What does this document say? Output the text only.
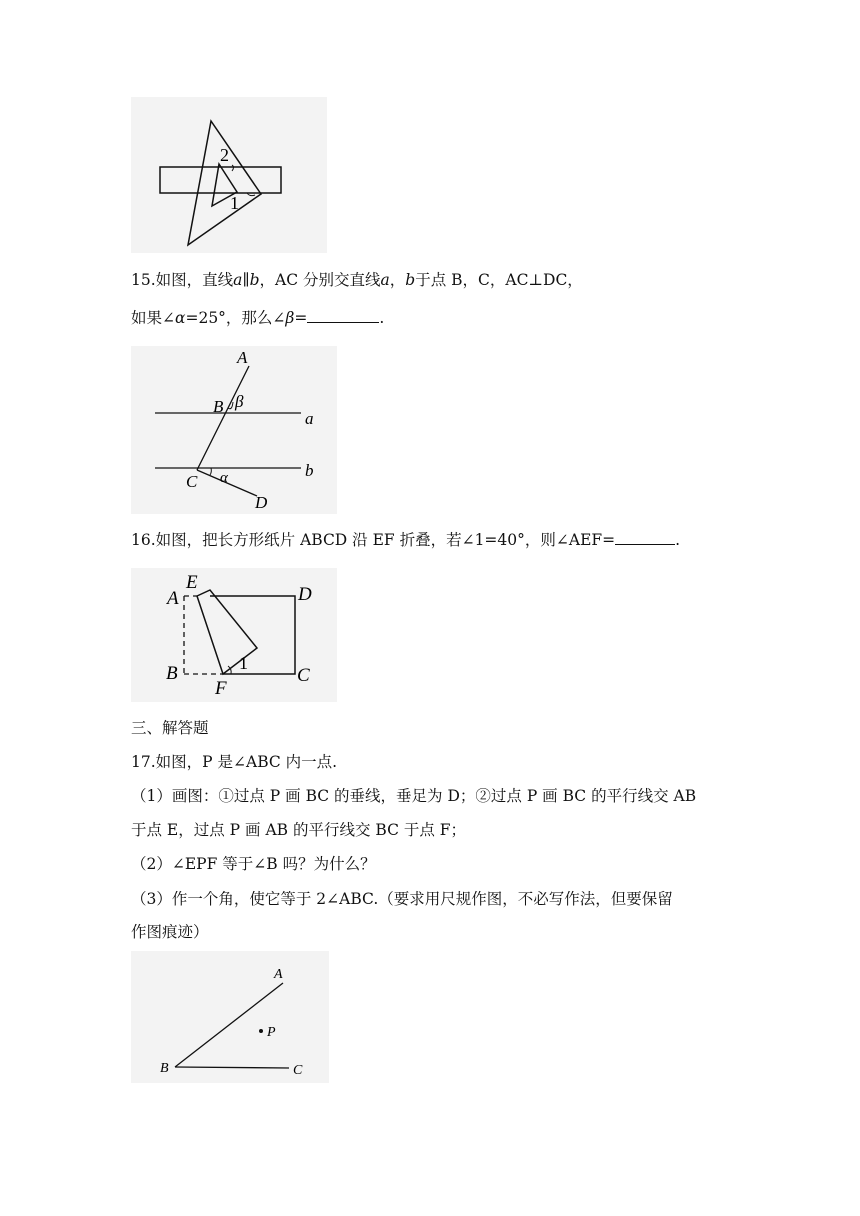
2
1
15.如图，直线a∥b，AC 分别交直线a，b于点 B，C，AC⊥DC，
如果∠α=25°，那么∠β=	.
A
B β
a
b
C α
D
16.如图，把长方形纸片 ABCD 沿 EF 折叠，若∠1=40°，则∠AEF=	.
E
A	D
B	1
C
F
三、解答题
17.如图，P 是∠ABC 内一点.
（1）画图：①过点 P 画 BC 的垂线，垂足为 D；②过点 P 画 BC 的平行线交 AB
于点 E，过点 P 画 AB 的平行线交 BC 于点 F；
（2）∠EPF 等于∠B 吗？为什么？
（3）作一个角，使它等于 2∠ABC.（要求用尺规作图，不必写作法，但要保留
作图痕迹）
A
P
B	C
